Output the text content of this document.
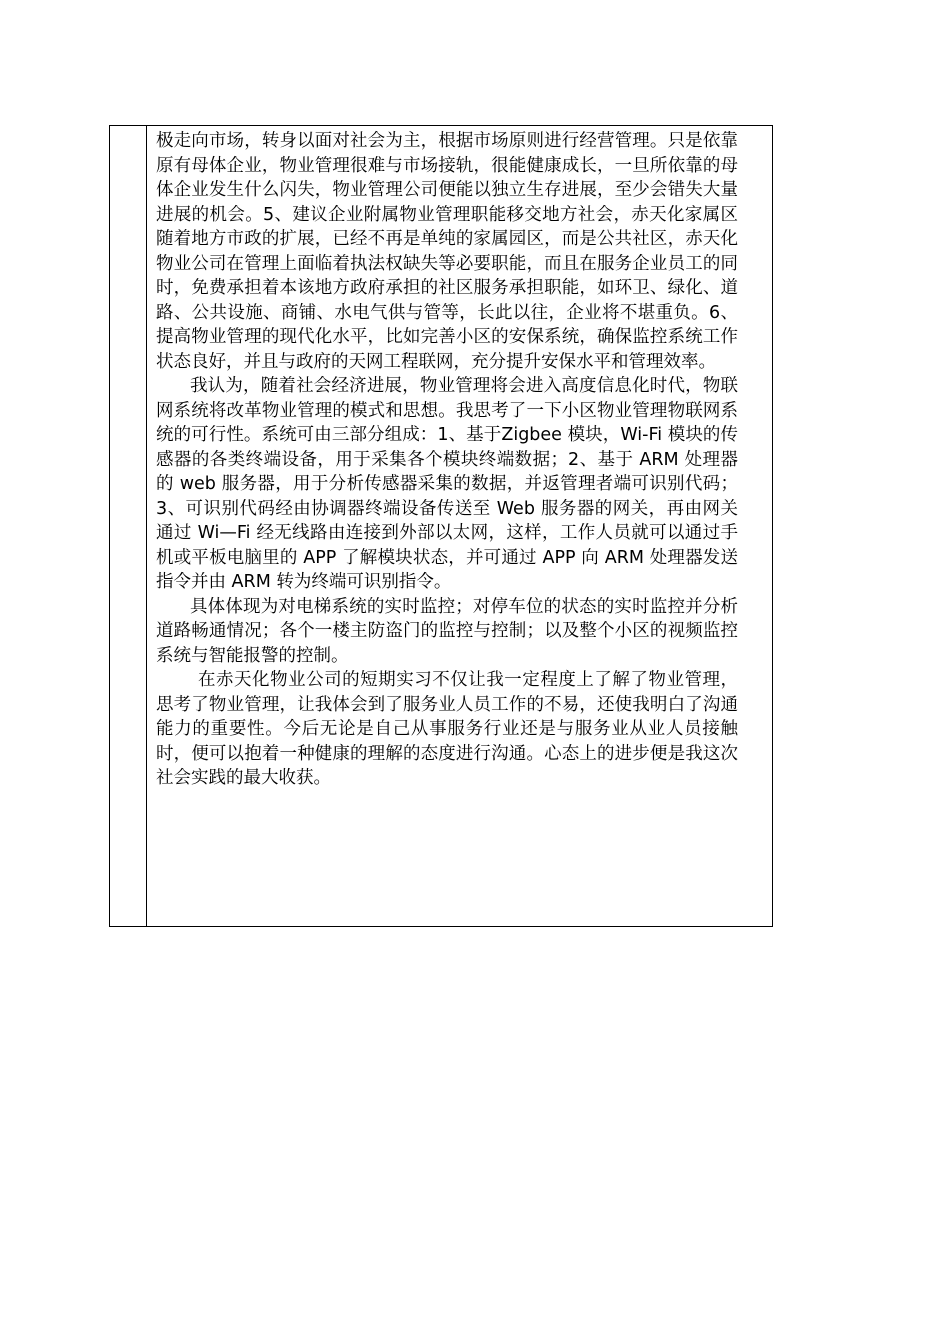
极走向市场，转身以面对社会为主，根据市场原则进行经营管理。只是依靠原有母体企业，物业管理很难与市场接轨，很能健康成长，一旦所依靠的母体企业发生什么闪失，物业管理公司便能以独立生存进展，至少会错失大量进展的机会。5、建议企业附属物业管理职能移交地方社会，赤天化家属区随着地方市政的扩展，已经不再是单纯的家属园区，而是公共社区，赤天化物业公司在管理上面临着执法权缺失等必要职能，而且在服务企业员工的同时，免费承担着本该地方政府承担的社区服务承担职能，如环卫、绿化、道路、公共设施、商铺、水电气供与管等，长此以往，企业将不堪重负。6、提高物业管理的现代化水平，比如完善小区的安保系统，确保监控系统工作状态良好，并且与政府的天网工程联网，充分提升安保水平和管理效率。

我认为，随着社会经济进展，物业管理将会进入高度信息化时代，物联网系统将改革物业管理的模式和思想。我思考了一下小区物业管理物联网系统的可行性。系统可由三部分组成：1、基于Zigbee 模块，Wi-Fi 模块的传感器的各类终端设备，用于采集各个模块终端数据；2、基于 ARM 处理器的 web 服务器，用于分析传感器采集的数据，并返管理者端可识别代码；3、可识别代码经由协调器终端设备传送至 Web 服务器的网关，再由网关通过 Wi—Fi 经无线路由连接到外部以太网，这样，工作人员就可以通过手机或平板电脑里的 APP 了解模块状态，并可通过 APP 向 ARM 处理器发送指令并由 ARM 转为终端可识别指令。

具体体现为对电梯系统的实时监控；对停车位的状态的实时监控并分析道路畅通情况；各个一楼主防盗门的监控与控制；以及整个小区的视频监控系统与智能报警的控制。

在赤天化物业公司的短期实习不仅让我一定程度上了解了物业管理，思考了物业管理，让我体会到了服务业人员工作的不易，还使我明白了沟通能力的重要性。今后无论是自己从事服务行业还是与服务业从业人员接触时，便可以抱着一种健康的理解的态度进行沟通。心态上的进步便是我这次社会实践的最大收获。
